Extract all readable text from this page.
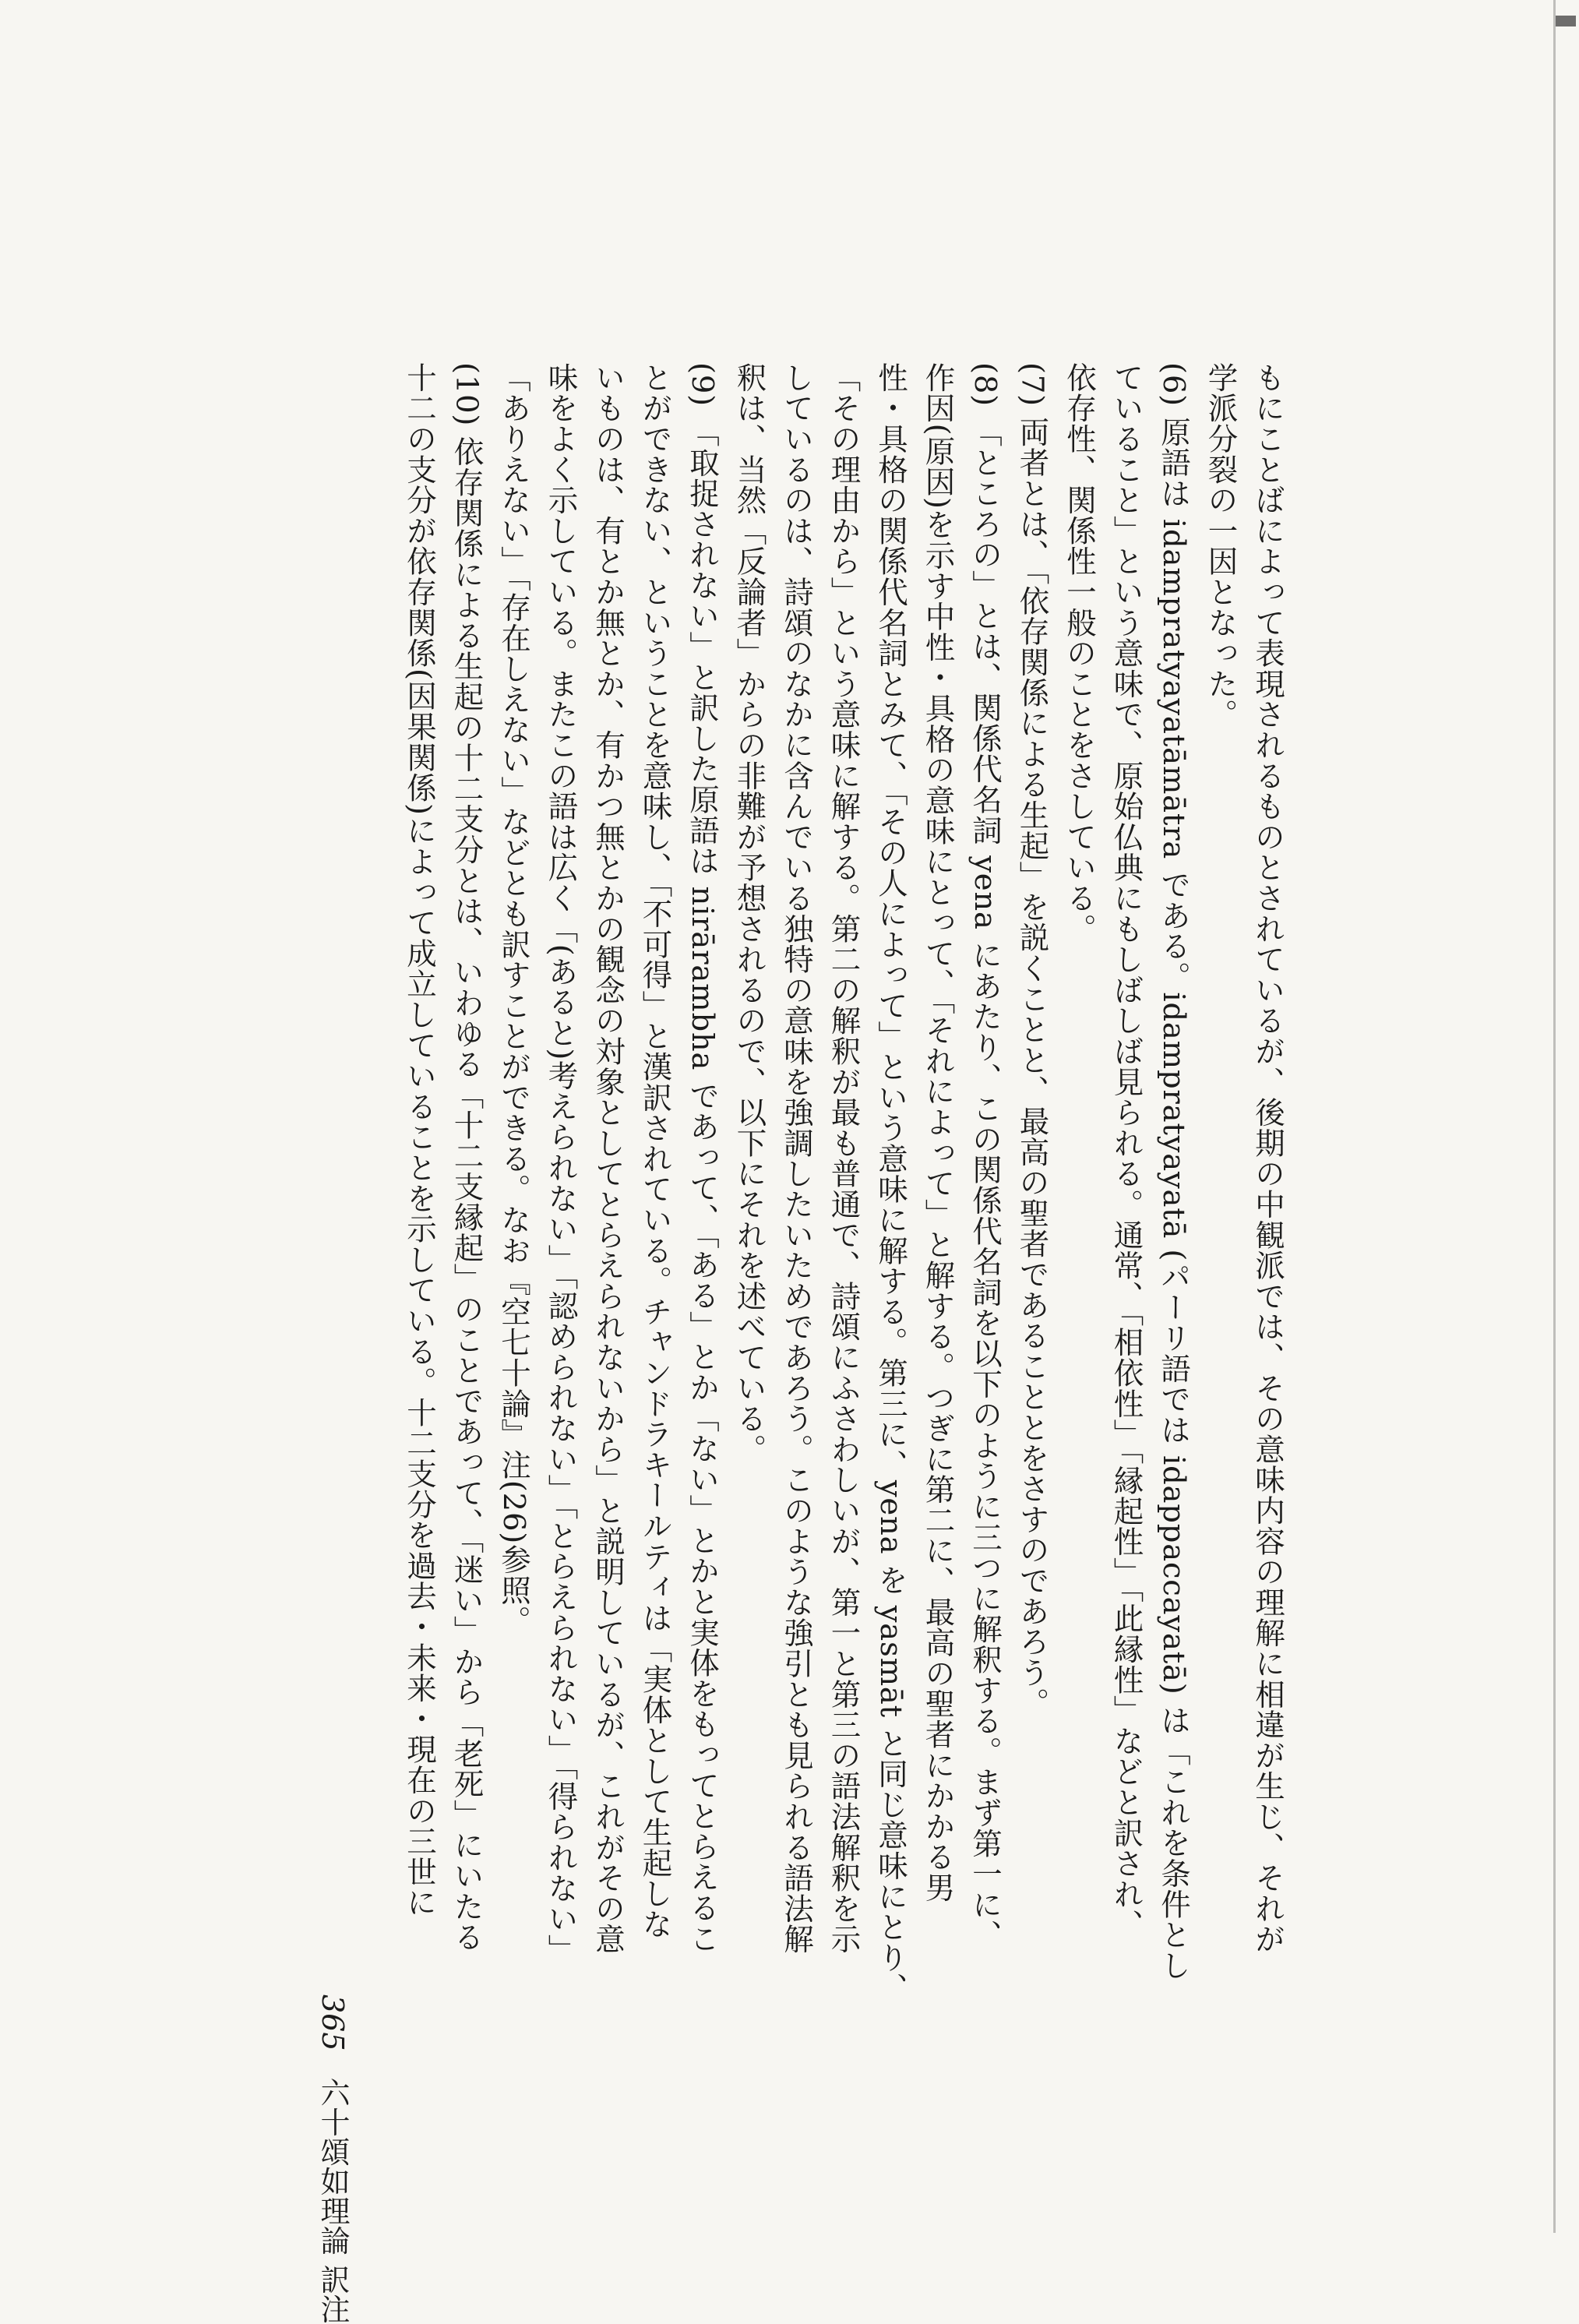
もにことばによって表現されるものとされているが、後期の中観派では、その意味内容の理解に相違が生じ、それが
学派分裂の一因となった。
(6) 原語は idampratyayatāmātra である。idampratyayatā (パーリ語では idappaccayatā) は「これを条件とし
ていること」という意味で、原始仏典にもしばしば見られる。通常、「相依性」「縁起性」「此縁性」などと訳され、
依存性、関係性一般のことをさしている。
(7) 両者とは、「依存関係による生起」を説くことと、最高の聖者であることとをさすのであろう。
(8) 「ところの」とは、関係代名詞 yena にあたり、この関係代名詞を以下のように三つに解釈する。まず第一に、
作因(原因)を示す中性・具格の意味にとって、「それによって」と解する。つぎに第二に、最高の聖者にかかる男
性・具格の関係代名詞とみて、「その人によって」という意味に解する。第三に、yena を yasmāt と同じ意味にとり、
「その理由から」という意味に解する。第二の解釈が最も普通で、詩頌にふさわしいが、第一と第三の語法解釈を示
しているのは、詩頌のなかに含んでいる独特の意味を強調したいためであろう。このような強引とも見られる語法解
釈は、当然「反論者」からの非難が予想されるので、以下にそれを述べている。
(9) 「取捉されない」と訳した原語は nirārambha であって、「ある」とか「ない」とかと実体をもってとらえるこ
とができない、ということを意味し、「不可得」と漢訳されている。チャンドラキールティは「実体として生起しな
いものは、有とか無とか、有かつ無とかの観念の対象としてとらえられないから」と説明しているが、これがその意
味をよく示している。またこの語は広く「(あると)考えられない」「認められない」「とらえられない」「得られない」
「ありえない」「存在しえない」などとも訳すことができる。なお『空七十論』注(26)参照。
(10) 依存関係による生起の十二支分とは、いわゆる「十二支縁起」のことであって、「迷い」から「老死」にいたる
十二の支分が依存関係(因果関係)によって成立していることを示している。十二支分を過去・未来・現在の三世に
365六十頌如理論 訳注
